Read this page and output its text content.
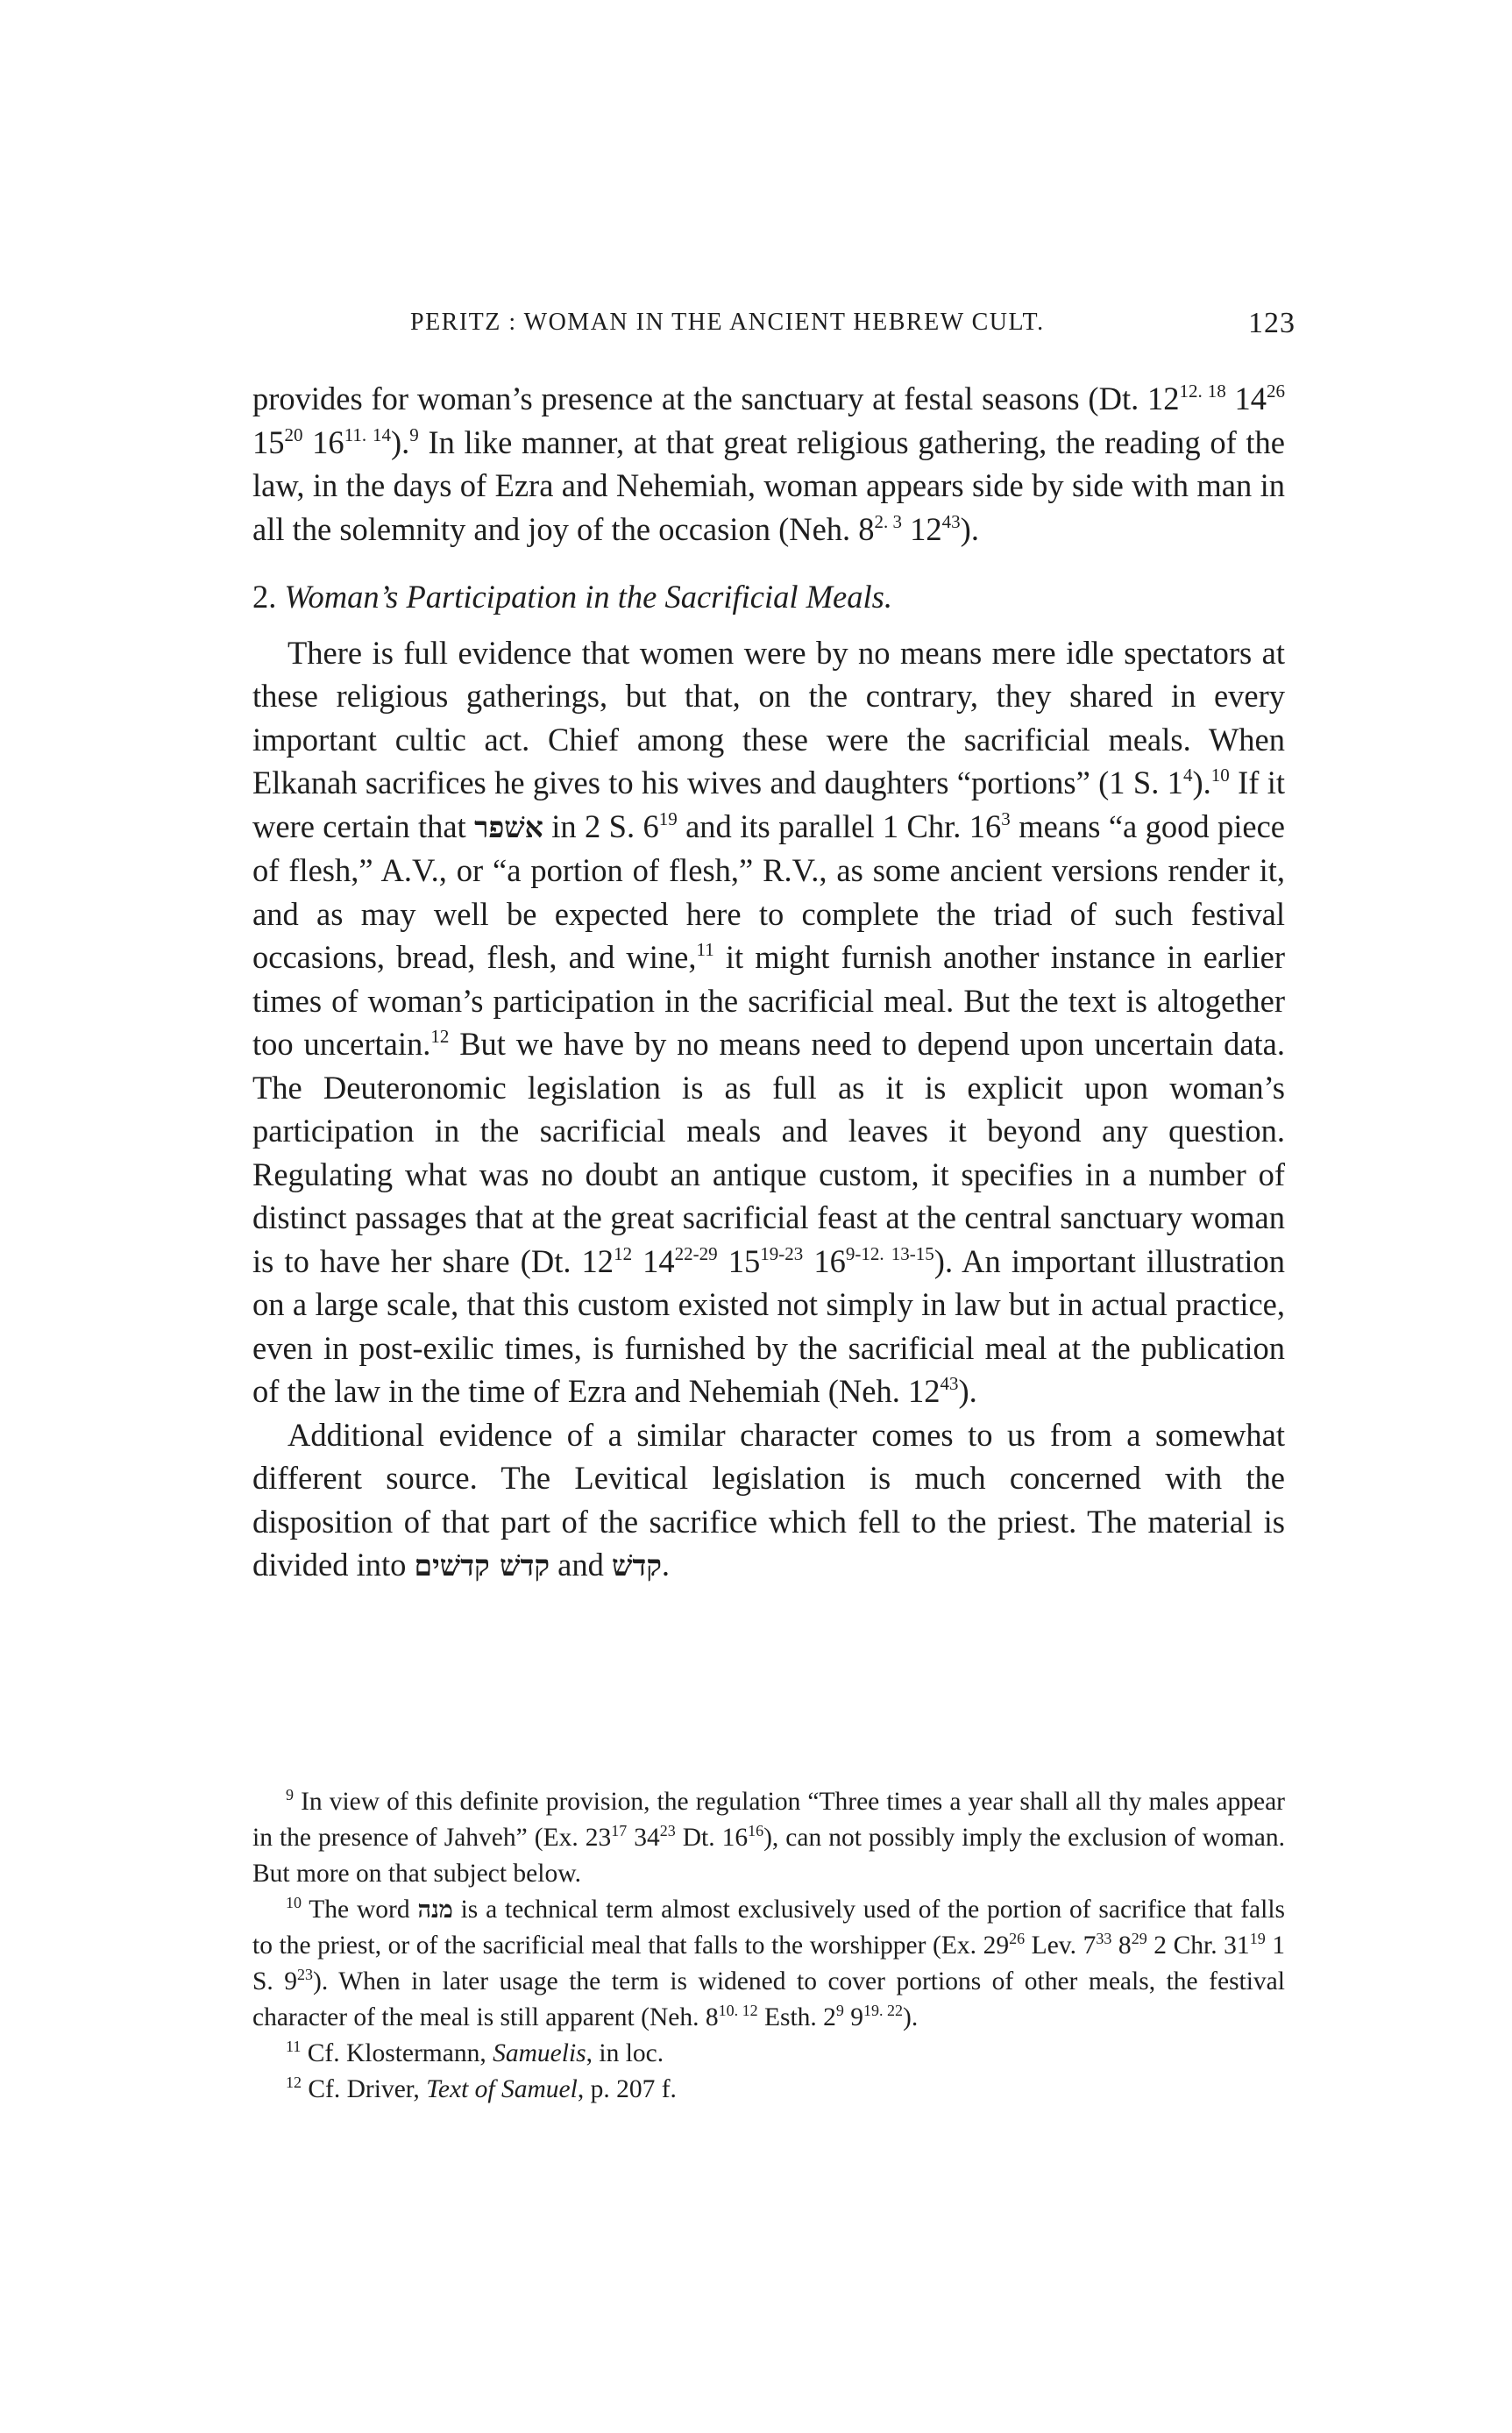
PERITZ : WOMAN IN THE ANCIENT HEBREW CULT.	123

provides for woman’s presence at the sanctuary at festal seasons (Dt. $12^{12. 18}$ $14^{26}$ $15^{20}$ $16^{11. 14}).^9$ In like manner, at that great religious gathering, the reading of the law, in the days of Ezra and Nehemiah, woman appears side by side with man in all the solemnity and joy of the occasion (Neh. $8^{2. 3}$ $12^{43}$).

2. Woman’s Participation in the Sacrificial Meals.

There is full evidence that women were by no means mere idle spectators at these religious gatherings, but that, on the contrary, they shared in every important cultic act. Chief among these were the sacrificial meals. When Elkanah sacrifices he gives to his wives and daughters “portions” (1 S. $1^4).^{10}$ If it were certain that אשׁפר in 2 S. $6^{19}$ and its parallel 1 Chr. $16^3$ means “a good piece of flesh,” A.V., or “a portion of flesh,” R.V., as some ancient versions render it, and as may well be expected here to complete the triad of such festival occasions, bread, flesh, and wine,$^{11}$ it might furnish another instance in earlier times of woman’s participation in the sacrificial meal. But the text is altogether too uncertain.$^{12}$ But we have by no means need to depend upon uncertain data. The Deuteronomic legislation is as full as it is explicit upon woman’s participation in the sacrificial meals and leaves it beyond any question. Regulating what was no doubt an antique custom, it specifies in a number of distinct passages that at the great sacrificial feast at the central sanctuary woman is to have her share (Dt. $12^{12}$ 14$^{22-29}$ 15$^{19-23}$ $16^{9-12. 13-15}$). An important illustration on a large scale, that this custom existed not simply in law but in actual practice, even in post-exilic times, is furnished by the sacrificial meal at the publication of the law in the time of Ezra and Nehemiah (Neh. $12^{43}$).

Additional evidence of a similar character comes to us from a somewhat different source. The Levitical legislation is much concerned with the disposition of that part of the sacrifice which fell to the priest. The material is divided into קדשׁ קדשׁים and קדשׁ.

$^9$ In view of this definite provision, the regulation “Three times a year shall all thy males appear in the presence of Jahveh” (Ex. $23^{17}$ $34^{23}$ Dt. $16^{16}$), can not possibly imply the exclusion of woman. But more on that subject below.

$^{10}$ The word מנה is a technical term almost exclusively used of the portion of sacrifice that falls to the priest, or of the sacrificial meal that falls to the worshipper (Ex. $29^{26}$ Lev. $7^{33}$ $8^{29}$ 2 Chr. $31^{19}$ 1 S. $9^{23}$). When in later usage the term is widened to cover portions of other meals, the festival character of the meal is still apparent (Neh. $8^{10. 12}$ Esth. $2^9$ $9^{19. 22}$).

$^{11}$ Cf. Klostermann, Samuelis, in loc.

$^{12}$ Cf. Driver, Text of Samuel, p. 207 f.
